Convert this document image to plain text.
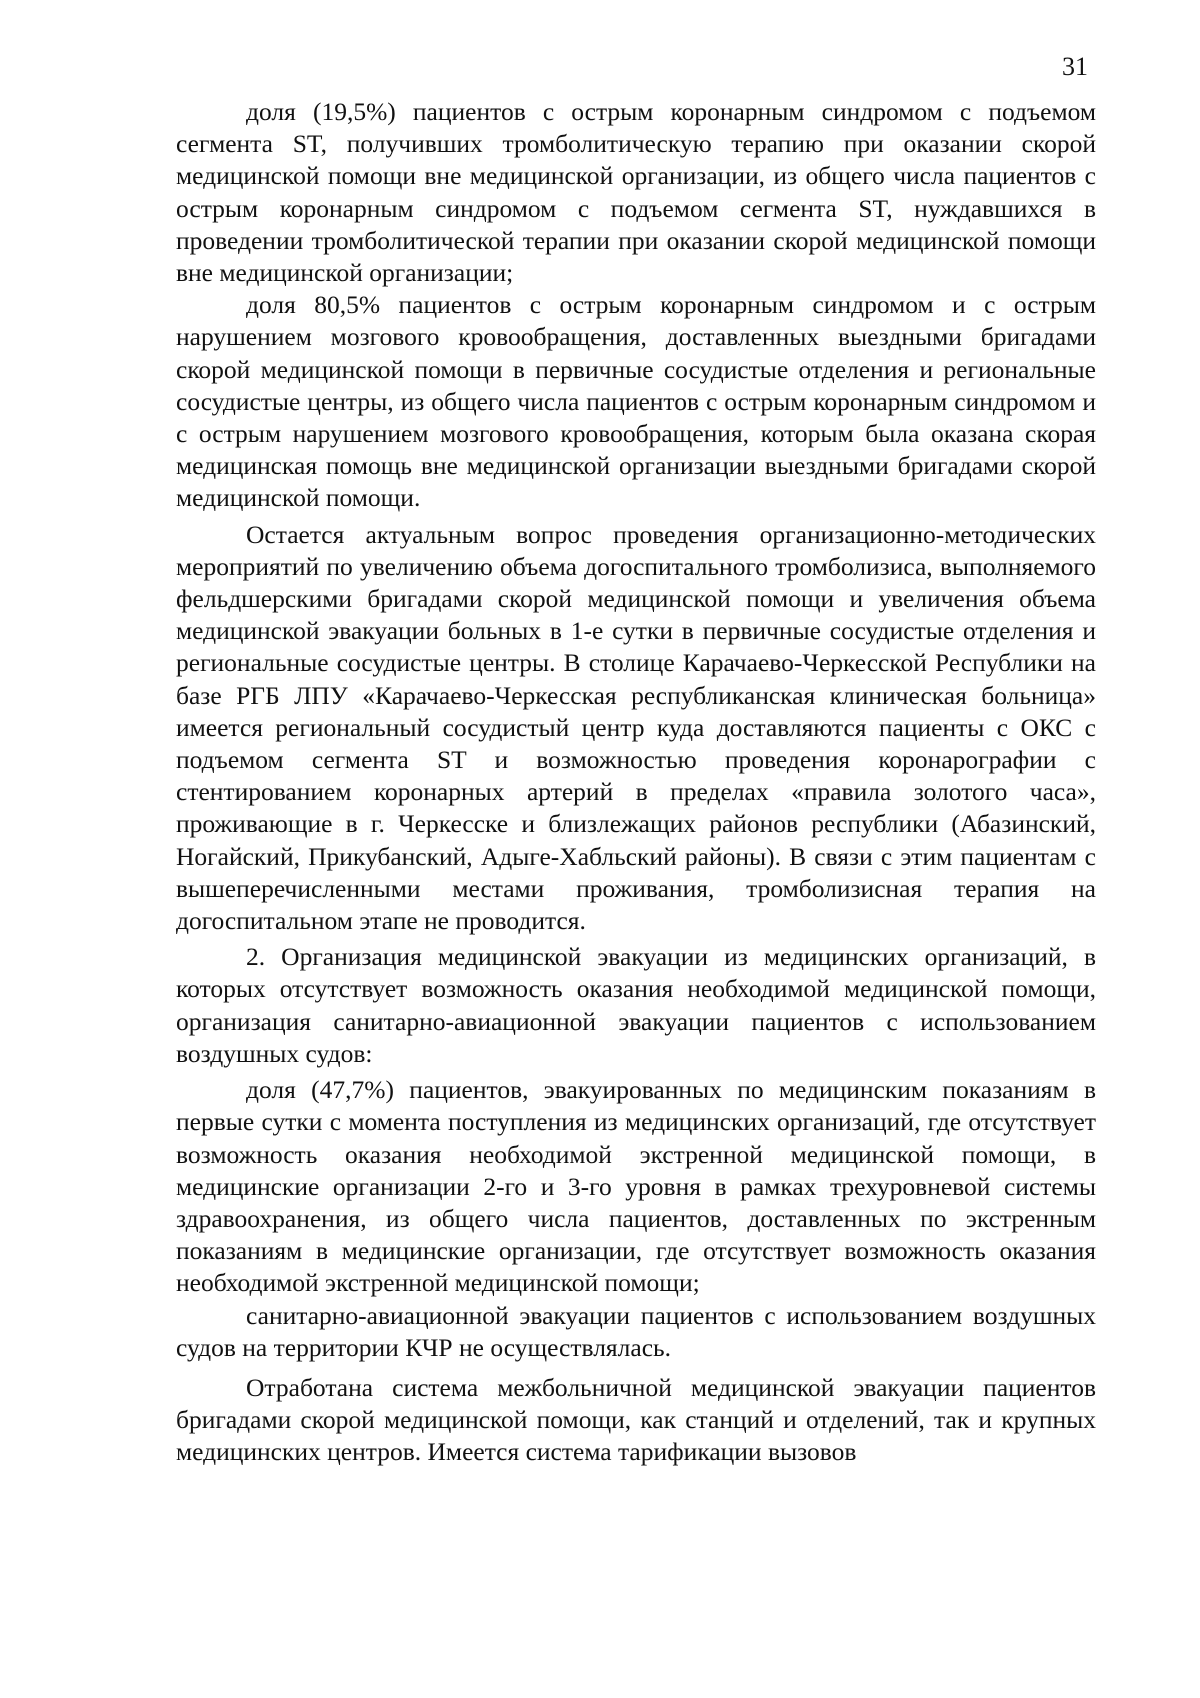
31

доля (19,5%) пациентов с острым коронарным синдромом с подъемом сегмента ST, получивших тромболитическую терапию при оказании скорой медицинской помощи вне медицинской организации, из общего числа пациентов с острым коронарным синдромом с подъемом сегмента ST, нуждавшихся в проведении тромболитической терапии при оказании скорой медицинской помощи вне медицинской организации;

доля 80,5% пациентов с острым коронарным синдромом и с острым нарушением мозгового кровообращения, доставленных выездными бригадами скорой медицинской помощи в первичные сосудистые отделения и региональные сосудистые центры, из общего числа пациентов с острым коронарным синдромом и с острым нарушением мозгового кровообращения, которым была оказана скорая медицинская помощь вне медицинской организации выездными бригадами скорой медицинской помощи.

Остается актуальным вопрос проведения организационно-методических мероприятий по увеличению объема догоспитального тромболизиса, выполняемого фельдшерскими бригадами скорой медицинской помощи и увеличения объема медицинской эвакуации больных в 1-е сутки в первичные сосудистые отделения и региональные сосудистые центры. В столице Карачаево-Черкесской Республики на базе РГБ ЛПУ «Карачаево-Черкесская республиканская клиническая больница» имеется региональный сосудистый центр куда доставляются пациенты с ОКС с подъемом сегмента ST и возможностью проведения коронарографии с стентированием коронарных артерий в пределах «правила золотого часа», проживающие в г. Черкесске и близлежащих районов республики (Абазинский, Ногайский, Прикубанский, Адыге-Хабльский районы). В связи с этим пациентам с вышеперечисленными местами проживания, тромболизисная терапия на догоспитальном этапе не проводится.

2. Организация медицинской эвакуации из медицинских организаций, в которых отсутствует возможность оказания необходимой медицинской помощи, организация санитарно-авиационной эвакуации пациентов с использованием воздушных судов:

доля (47,7%) пациентов, эвакуированных по медицинским показаниям в первые сутки с момента поступления из медицинских организаций, где отсутствует возможность оказания необходимой экстренной медицинской помощи, в медицинские организации 2-го и 3-го уровня в рамках трехуровневой системы здравоохранения, из общего числа пациентов, доставленных по экстренным показаниям в медицинские организации, где отсутствует возможность оказания необходимой экстренной медицинской помощи;

санитарно-авиационной эвакуации пациентов с использованием воздушных судов на территории КЧР не осуществлялась.

Отработана система межбольничной медицинской эвакуации пациентов бригадами скорой медицинской помощи, как станций и отделений, так и крупных медицинских центров. Имеется система тарификации вызовов
